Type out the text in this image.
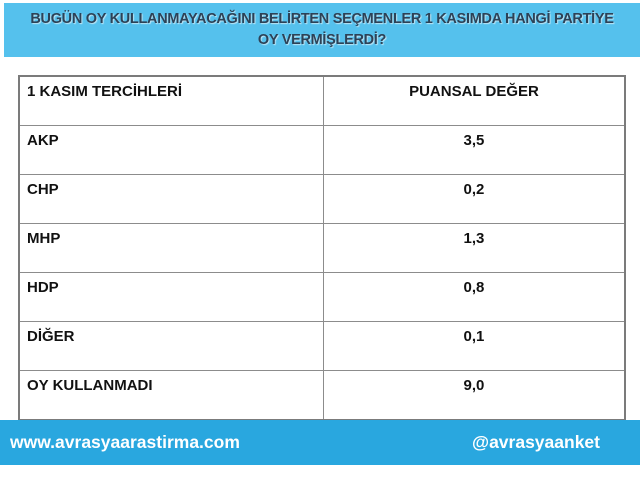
BUGÜN OY KULLANMAYACAĞINI BELİRTEN SEÇMENLER 1 KASIMDA HANGİ PARTİYE
OY VERMİŞLERDİ?
1 KASIM TERCİHLERİ	PUANSAL DEĞER
AKP	3,5
CHP	0,2
MHP	1,3
HDP	0,8
DİĞER	0,1
OY KULLANMADI	9,0
www.avrasyaarastirma.com	@avrasyaanket
